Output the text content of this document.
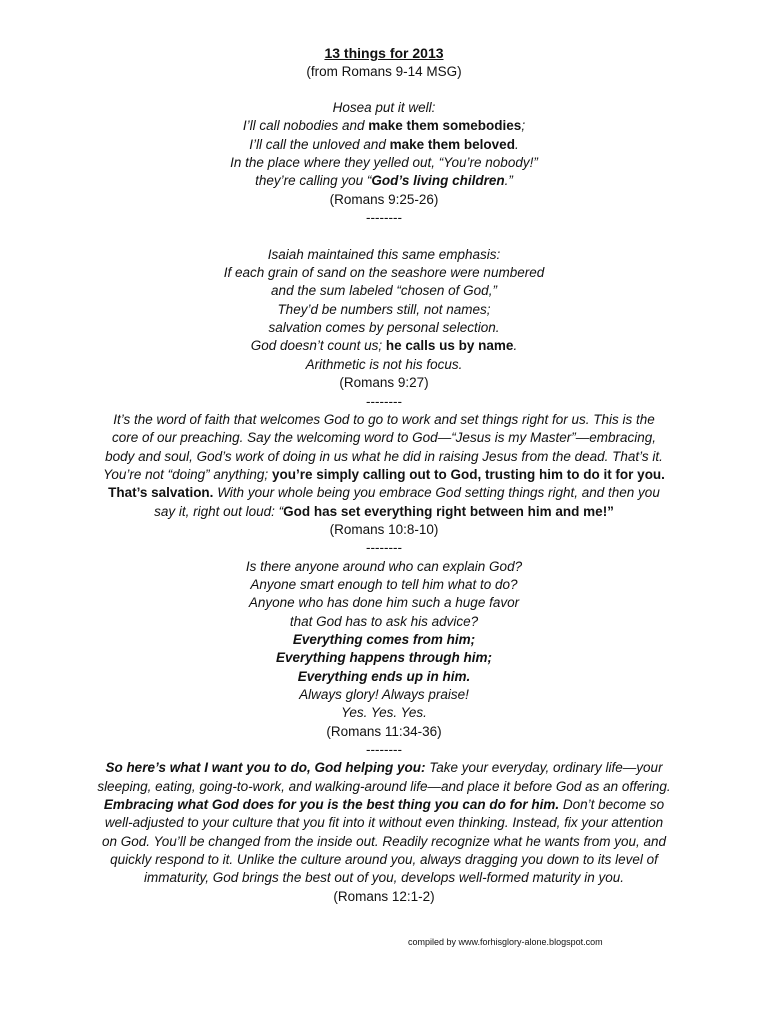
13 things for 2013
(from Romans 9-14 MSG)
Hosea put it well:
I’ll call nobodies and make them somebodies;
I’ll call the unloved and make them beloved.
In the place where they yelled out, “You’re nobody!”
they’re calling you “God’s living children.”
(Romans 9:25-26)
--------

Isaiah maintained this same emphasis:
If each grain of sand on the seashore were numbered
and the sum labeled “chosen of God,”
They’d be numbers still, not names;
salvation comes by personal selection.
God doesn’t count us; he calls us by name.
Arithmetic is not his focus.
(Romans 9:27)
--------
It’s the word of faith that welcomes God to go to work and set things right for us. This is the
core of our preaching. Say the welcoming word to God—“Jesus is my Master”—embracing,
body and soul, God’s work of doing in us what he did in raising Jesus from the dead. That’s it.
You’re not “doing” anything; you’re simply calling out to God, trusting him to do it for you.
That’s salvation. With your whole being you embrace God setting things right, and then you
say it, right out loud: “God has set everything right between him and me!”
(Romans 10:8-10)
--------
Is there anyone around who can explain God?
Anyone smart enough to tell him what to do?
Anyone who has done him such a huge favor
that God has to ask his advice?
Everything comes from him;
Everything happens through him;
Everything ends up in him.
Always glory! Always praise!
Yes. Yes. Yes.
(Romans 11:34-36)
--------
So here’s what I want you to do, God helping you: Take your everyday, ordinary life—your
sleeping, eating, going-to-work, and walking-around life—and place it before God as an offering.
Embracing what God does for you is the best thing you can do for him. Don’t become so
well-adjusted to your culture that you fit into it without even thinking. Instead, fix your attention
on God. You’ll be changed from the inside out. Readily recognize what he wants from you, and
quickly respond to it. Unlike the culture around you, always dragging you down to its level of
immaturity, God brings the best out of you, develops well-formed maturity in you.
(Romans 12:1-2)
compiled by www.forhisglory-alone.blogspot.com
